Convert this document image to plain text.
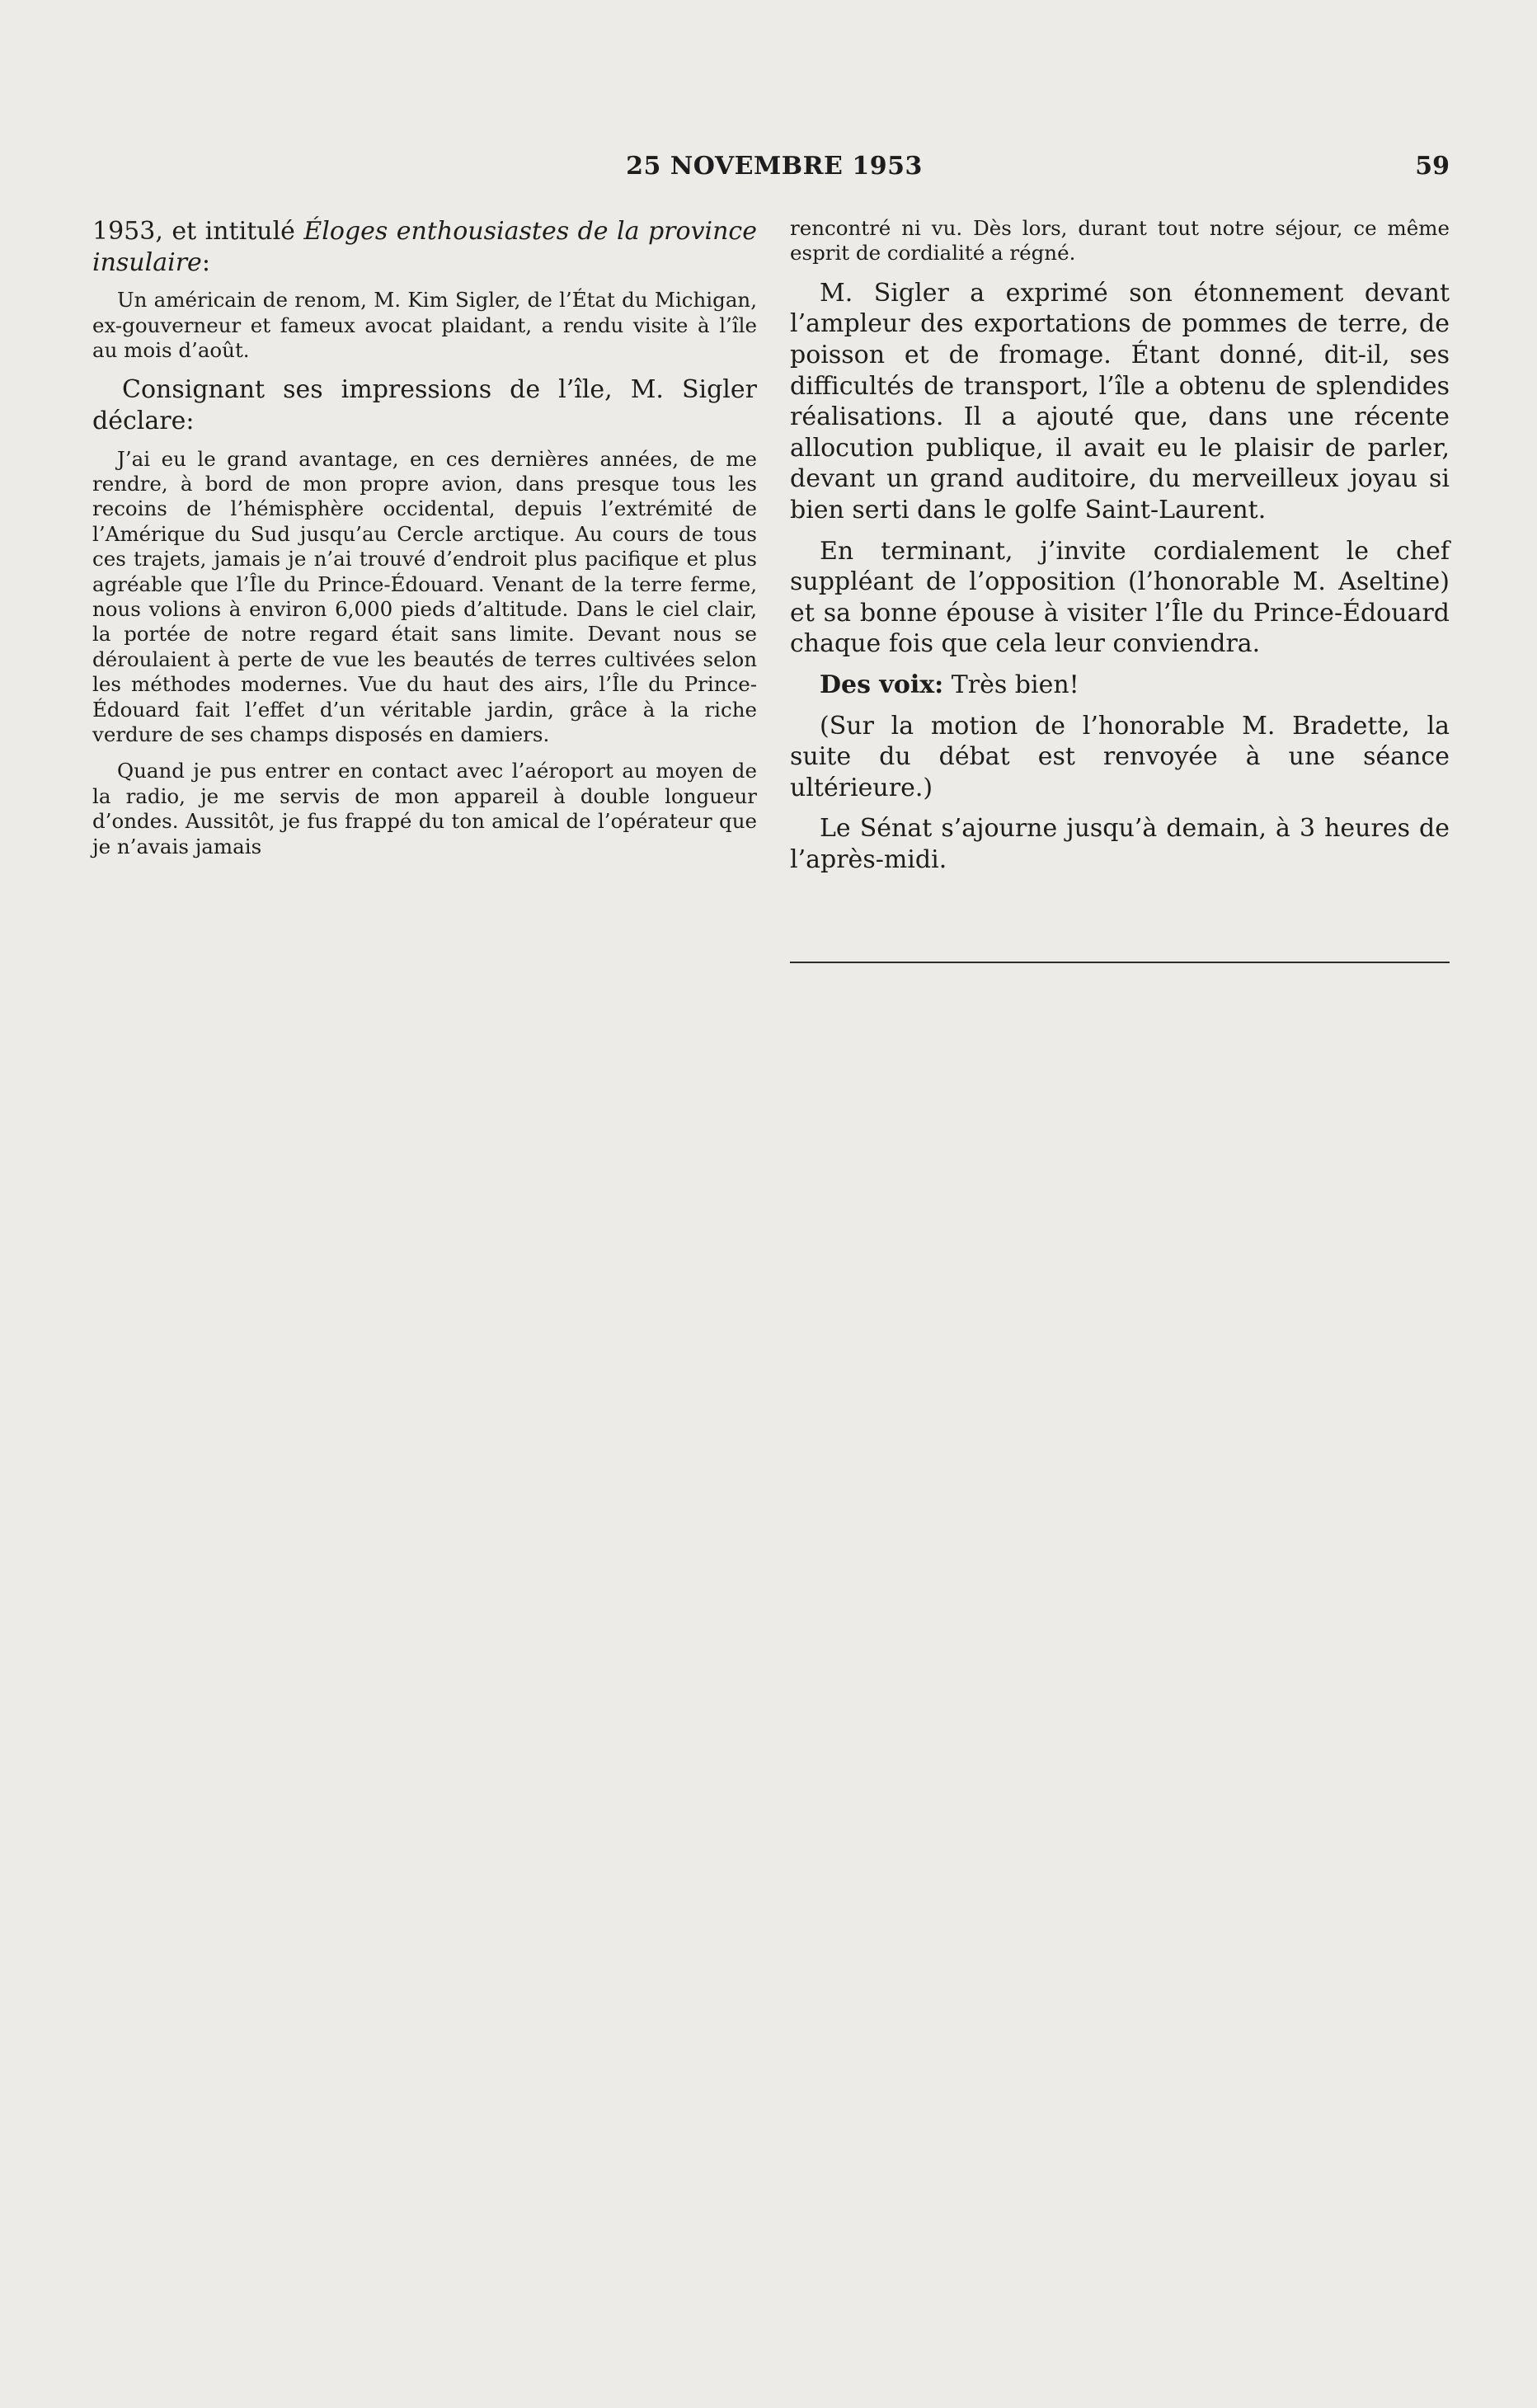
25 NOVEMBRE 1953	59

1953, et intitulé Éloges enthousiastes de la province insulaire:

Un américain de renom, M. Kim Sigler, de l’État du Michigan, ex-gouverneur et fameux avocat plaidant, a rendu visite à l’île au mois d’août.

Consignant ses impressions de l’île, M. Sigler déclare:

J’ai eu le grand avantage, en ces dernières années, de me rendre, à bord de mon propre avion, dans presque tous les recoins de l’hémisphère occidental, depuis l’extrémité de l’Amérique du Sud jusqu’au Cercle arctique. Au cours de tous ces trajets, jamais je n’ai trouvé d’endroit plus pacifique et plus agréable que l’Île du Prince-Édouard. Venant de la terre ferme, nous volions à environ 6,000 pieds d’altitude. Dans le ciel clair, la portée de notre regard était sans limite. Devant nous se déroulaient à perte de vue les beautés de terres cultivées selon les méthodes modernes. Vue du haut des airs, l’Île du Prince-Édouard fait l’effet d’un véritable jardin, grâce à la riche verdure de ses champs disposés en damiers.

Quand je pus entrer en contact avec l’aéroport au moyen de la radio, je me servis de mon appareil à double longueur d’ondes. Aussitôt, je fus frappé du ton amical de l’opérateur que je n’avais jamais

rencontré ni vu. Dès lors, durant tout notre séjour, ce même esprit de cordialité a régné.

M. Sigler a exprimé son étonnement devant l’ampleur des exportations de pommes de terre, de poisson et de fromage. Étant donné, dit-il, ses difficultés de transport, l’île a obtenu de splendides réalisations. Il a ajouté que, dans une récente allocution publique, il avait eu le plaisir de parler, devant un grand auditoire, du merveilleux joyau si bien serti dans le golfe Saint-Laurent.

En terminant, j’invite cordialement le chef suppléant de l’opposition (l’honorable M. Aseltine) et sa bonne épouse à visiter l’Île du Prince-Édouard chaque fois que cela leur conviendra.

Des voix: Très bien!

(Sur la motion de l’honorable M. Bradette, la suite du débat est renvoyée à une séance ultérieure.)

Le Sénat s’ajourne jusqu’à demain, à 3 heures de l’après-midi.
